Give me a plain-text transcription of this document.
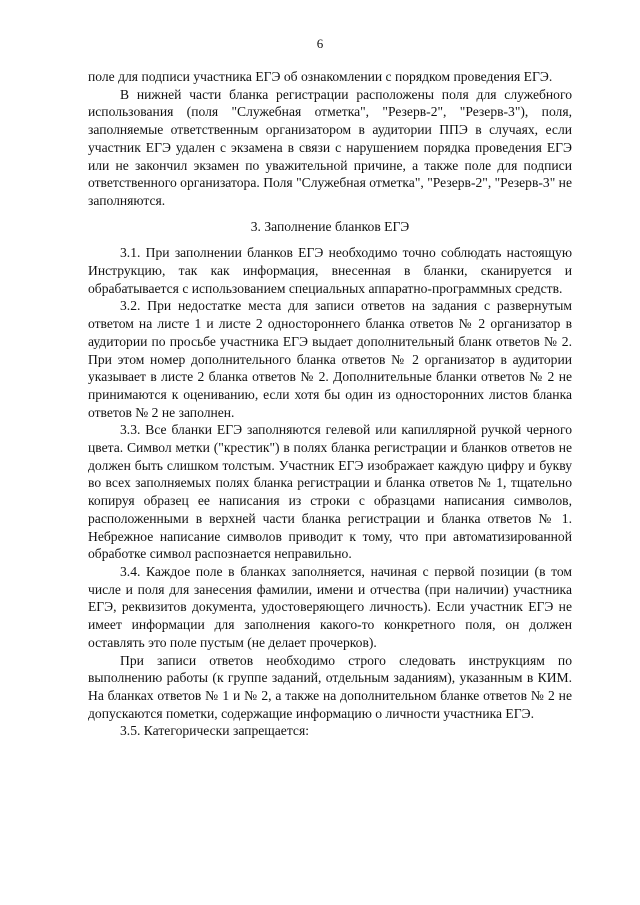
6

поле для подписи участника ЕГЭ об ознакомлении с порядком проведения ЕГЭ.

В нижней части бланка регистрации расположены поля для служебного использования (поля "Служебная отметка", "Резерв-2", "Резерв-3"), поля, заполняемые ответственным организатором в аудитории ППЭ в случаях, если участник ЕГЭ удален с экзамена в связи с нарушением порядка проведения ЕГЭ или не закончил экзамен по уважительной причине, а также поле для подписи ответственного организатора. Поля "Служебная отметка", "Резерв-2", "Резерв-3" не заполняются.

3. Заполнение бланков ЕГЭ

3.1. При заполнении бланков ЕГЭ необходимо точно соблюдать настоящую Инструкцию, так как информация, внесенная в бланки, сканируется и обрабатывается с использованием специальных аппаратно-программных средств.

3.2. При недостатке места для записи ответов на задания с развернутым ответом на листе 1 и листе 2 одностороннего бланка ответов № 2 организатор в аудитории по просьбе участника ЕГЭ выдает дополнительный бланк ответов № 2. При этом номер дополнительного бланка ответов № 2 организатор в аудитории указывает в листе 2 бланка ответов № 2. Дополнительные бланки ответов № 2 не принимаются к оцениванию, если хотя бы один из односторонних листов бланка ответов № 2 не заполнен.

3.3. Все бланки ЕГЭ заполняются гелевой или капиллярной ручкой черного цвета. Символ метки ("крестик") в полях бланка регистрации и бланков ответов не должен быть слишком толстым. Участник ЕГЭ изображает каждую цифру и букву во всех заполняемых полях бланка регистрации и бланка ответов № 1, тщательно копируя образец ее написания из строки с образцами написания символов, расположенными в верхней части бланка регистрации и бланка ответов № 1. Небрежное написание символов приводит к тому, что при автоматизированной обработке символ распознается неправильно.

3.4. Каждое поле в бланках заполняется, начиная с первой позиции (в том числе и поля для занесения фамилии, имени и отчества (при наличии) участника ЕГЭ, реквизитов документа, удостоверяющего личность). Если участник ЕГЭ не имеет информации для заполнения какого-то конкретного поля, он должен оставлять это поле пустым (не делает прочерков).

При записи ответов необходимо строго следовать инструкциям по выполнению работы (к группе заданий, отдельным заданиям), указанным в КИМ. На бланках ответов № 1 и № 2, а также на дополнительном бланке ответов № 2 не допускаются пометки, содержащие информацию о личности участника ЕГЭ.

3.5. Категорически запрещается:
